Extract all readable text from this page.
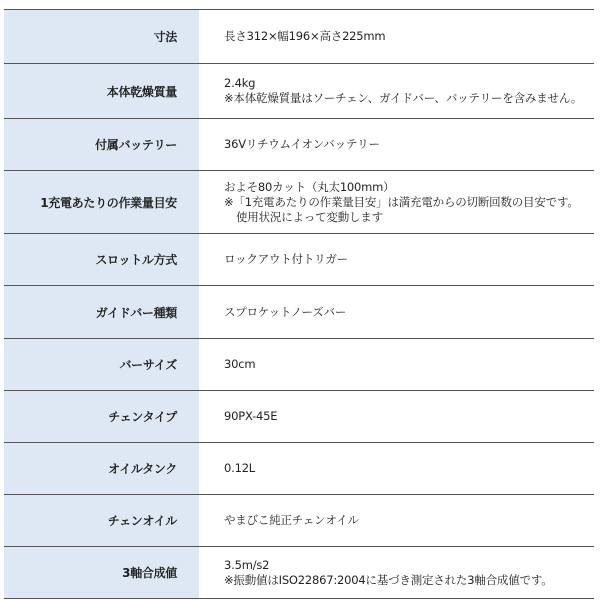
寸法	長さ312×幅196×高さ225mm

本体乾燥質量	2.4kg
※本体乾燥質量はソーチェン、ガイドバー、バッテリーを含みません。

付属バッテリー	36Vリチウムイオンバッテリー

1充電あたりの作業量目安	およそ80カット（丸太100mm）
※「1充電あたりの作業量目安」は満充電からの切断回数の目安です。
使用状況によって変動します

スロットル方式	ロックアウト付トリガー

ガイドバー種類	スプロケットノーズバー

バーサイズ	30cm

チェンタイプ	90PX-45E

オイルタンク	0.12L

チェンオイル	やまびこ純正チェンオイル

3軸合成値	3.5m/s2
※振動値はISO22867:2004に基づき測定された3軸合成値です。
